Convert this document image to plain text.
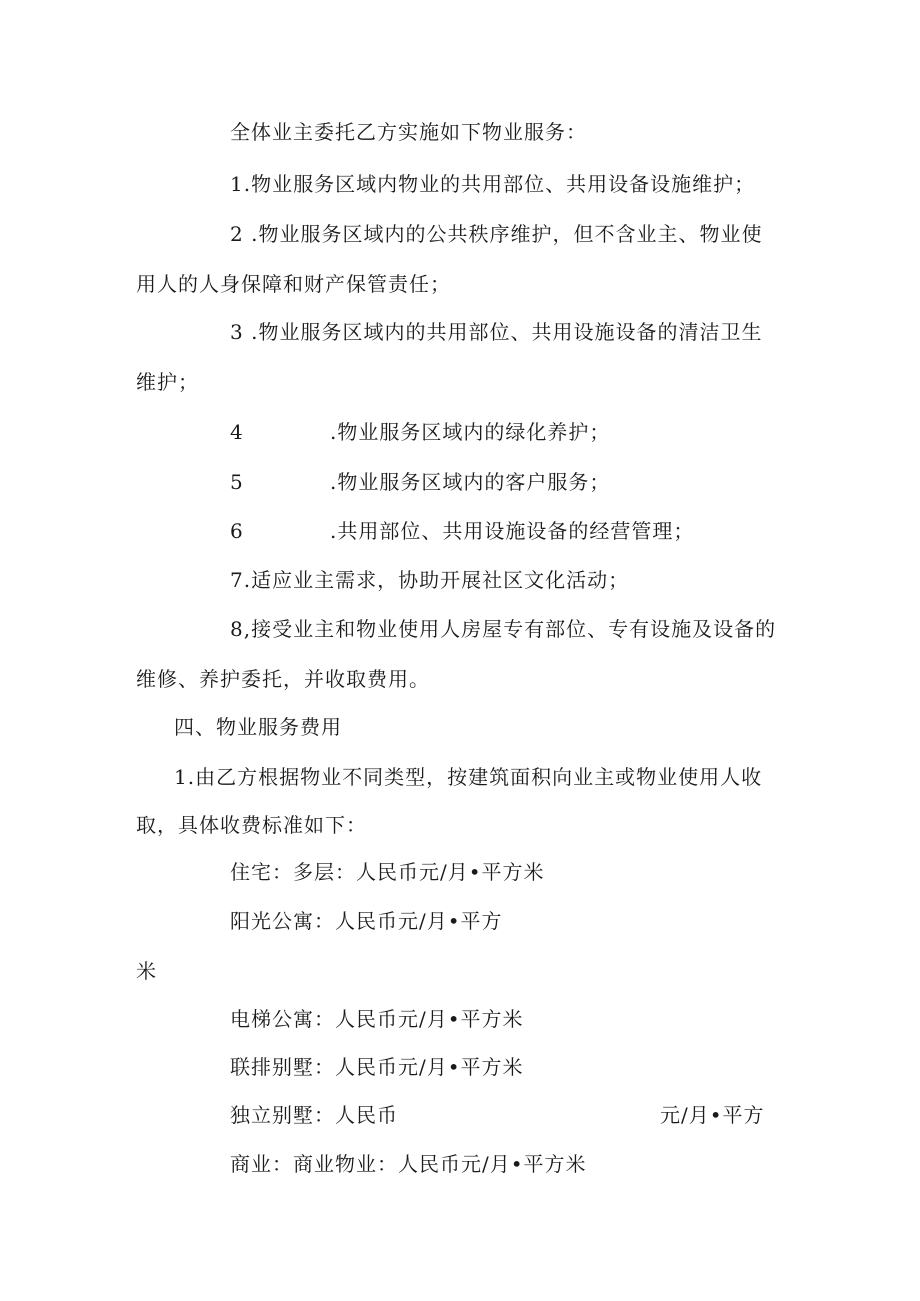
全体业主委托乙方实施如下物业服务：
1.物业服务区域内物业的共用部位、共用设备设施维护；
2 .物业服务区域内的公共秩序维护，但不含业主、物业使
用人的人身保障和财产保管责任；
3 .物业服务区域内的共用部位、共用设施设备的清洁卫生
维护；
4	.物业服务区域内的绿化养护；
5	.物业服务区域内的客户服务；
6	.共用部位、共用设施设备的经营管理；
7.适应业主需求，协助开展社区文化活动；
8,接受业主和物业使用人房屋专有部位、专有设施及设备的
维修、养护委托，并收取费用。
四、物业服务费用
1.由乙方根据物业不同类型，按建筑面积向业主或物业使用人收
取，具体收费标准如下：
住宅：多层：人民币元/月•平方米
阳光公寓：人民币元/月•平方
米
电梯公寓：人民币元/月•平方米
联排别墅：人民币元/月•平方米
独立别墅：人民币	元/月•平方
商业：商业物业：人民币元/月•平方米
